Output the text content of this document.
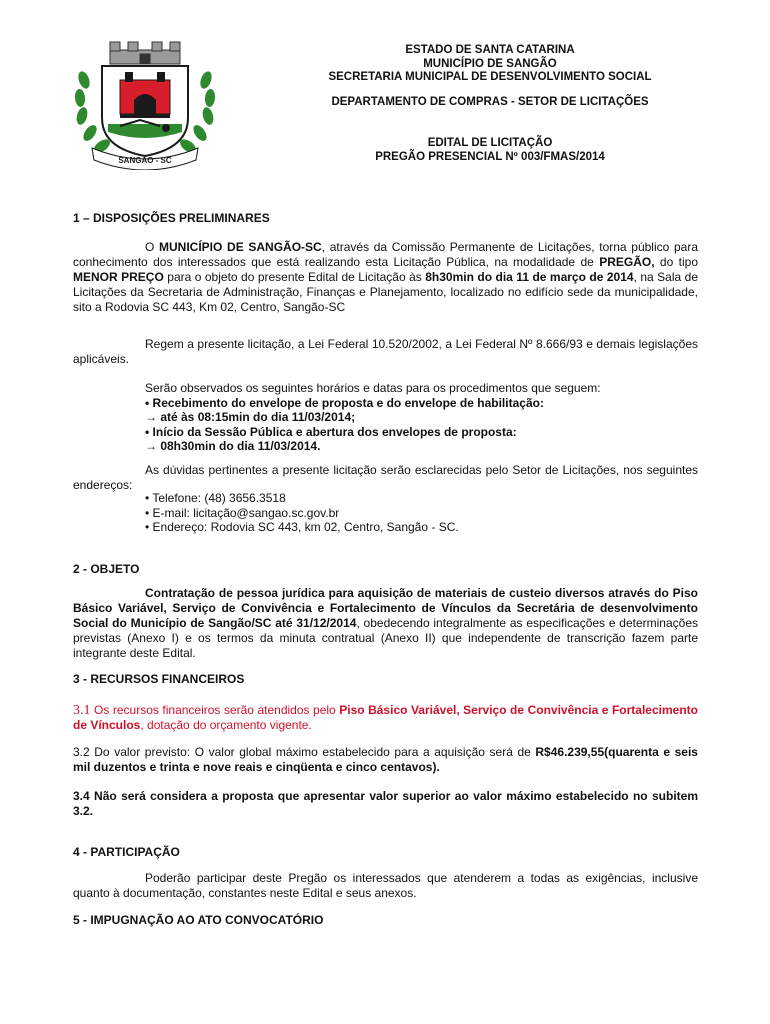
SANGÃO - SC
ESTADO DE SANTA CATARINA
MUNICÍPIO DE SANGÃO
SECRETARIA MUNICIPAL DE DESENVOLVIMENTO SOCIAL
DEPARTAMENTO DE COMPRAS - SETOR DE LICITAÇÕES
EDITAL DE LICITAÇÃO
PREGÃO PRESENCIAL Nº 003/FMAS/2014
1 – DISPOSIÇÕES PRELIMINARES
O MUNICÍPIO DE SANGÃO-SC, através da Comissão Permanente de Licitações, torna público para conhecimento dos interessados que está realizando esta Licitação Pública, na modalidade de PREGÃO, do tipo MENOR PREÇO para o objeto do presente Edital de Licitação às 8h30min do dia 11 de março de 2014, na Sala de Licitações da Secretaria de Administração, Finanças e Planejamento, localizado no edifício sede da municipalidade, sito a Rodovia SC 443, Km 02, Centro, Sangão-SC
Regem a presente licitação, a Lei Federal 10.520/2002, a Lei Federal Nº 8.666/93 e demais legislações aplicáveis.
Serão observados os seguintes horários e datas para os procedimentos que seguem:
• Recebimento do envelope de proposta e do envelope de habilitação:
→ até às 08:15min do dia 11/03/2014;
• Início da Sessão Pública e abertura dos envelopes de proposta:
→ 08h30min do dia 11/03/2014.
As dúvidas pertinentes a presente licitação serão esclarecidas pelo Setor de Licitações, nos seguintes endereços:
• Telefone: (48) 3656.3518
• E-mail: licitação@sangao.sc.gov.br
• Endereço: Rodovia SC 443, km 02, Centro, Sangão - SC.
2 - OBJETO
Contratação de pessoa jurídica para aquisição de materiais de custeio diversos através do Piso Básico Variável, Serviço de Convivência e Fortalecimento de Vínculos da Secretária de desenvolvimento Social do Município de Sangão/SC até 31/12/2014, obedecendo integralmente as especificações e determinações previstas (Anexo I) e os termos da minuta contratual (Anexo II) que independente de transcrição fazem parte integrante deste Edital.
3 - RECURSOS FINANCEIROS
3.1 Os recursos financeiros serão atendidos pelo Piso Básico Variável, Serviço de Convivência e Fortalecimento de Vínculos, dotação do orçamento vigente.
3.2 Do valor previsto: O valor global máximo estabelecido para a aquisição será de R$46.239,55(quarenta e seis mil duzentos e trinta e nove reais e cinqüenta e cinco centavos).
3.4 Não será considera a proposta que apresentar valor superior ao valor máximo estabelecido no subitem 3.2.
4 - PARTICIPAÇÃO
Poderão participar deste Pregão os interessados que atenderem a todas as exigências, inclusive quanto à documentação, constantes neste Edital e seus anexos.
5 - IMPUGNAÇÃO AO ATO CONVOCATÓRIO
